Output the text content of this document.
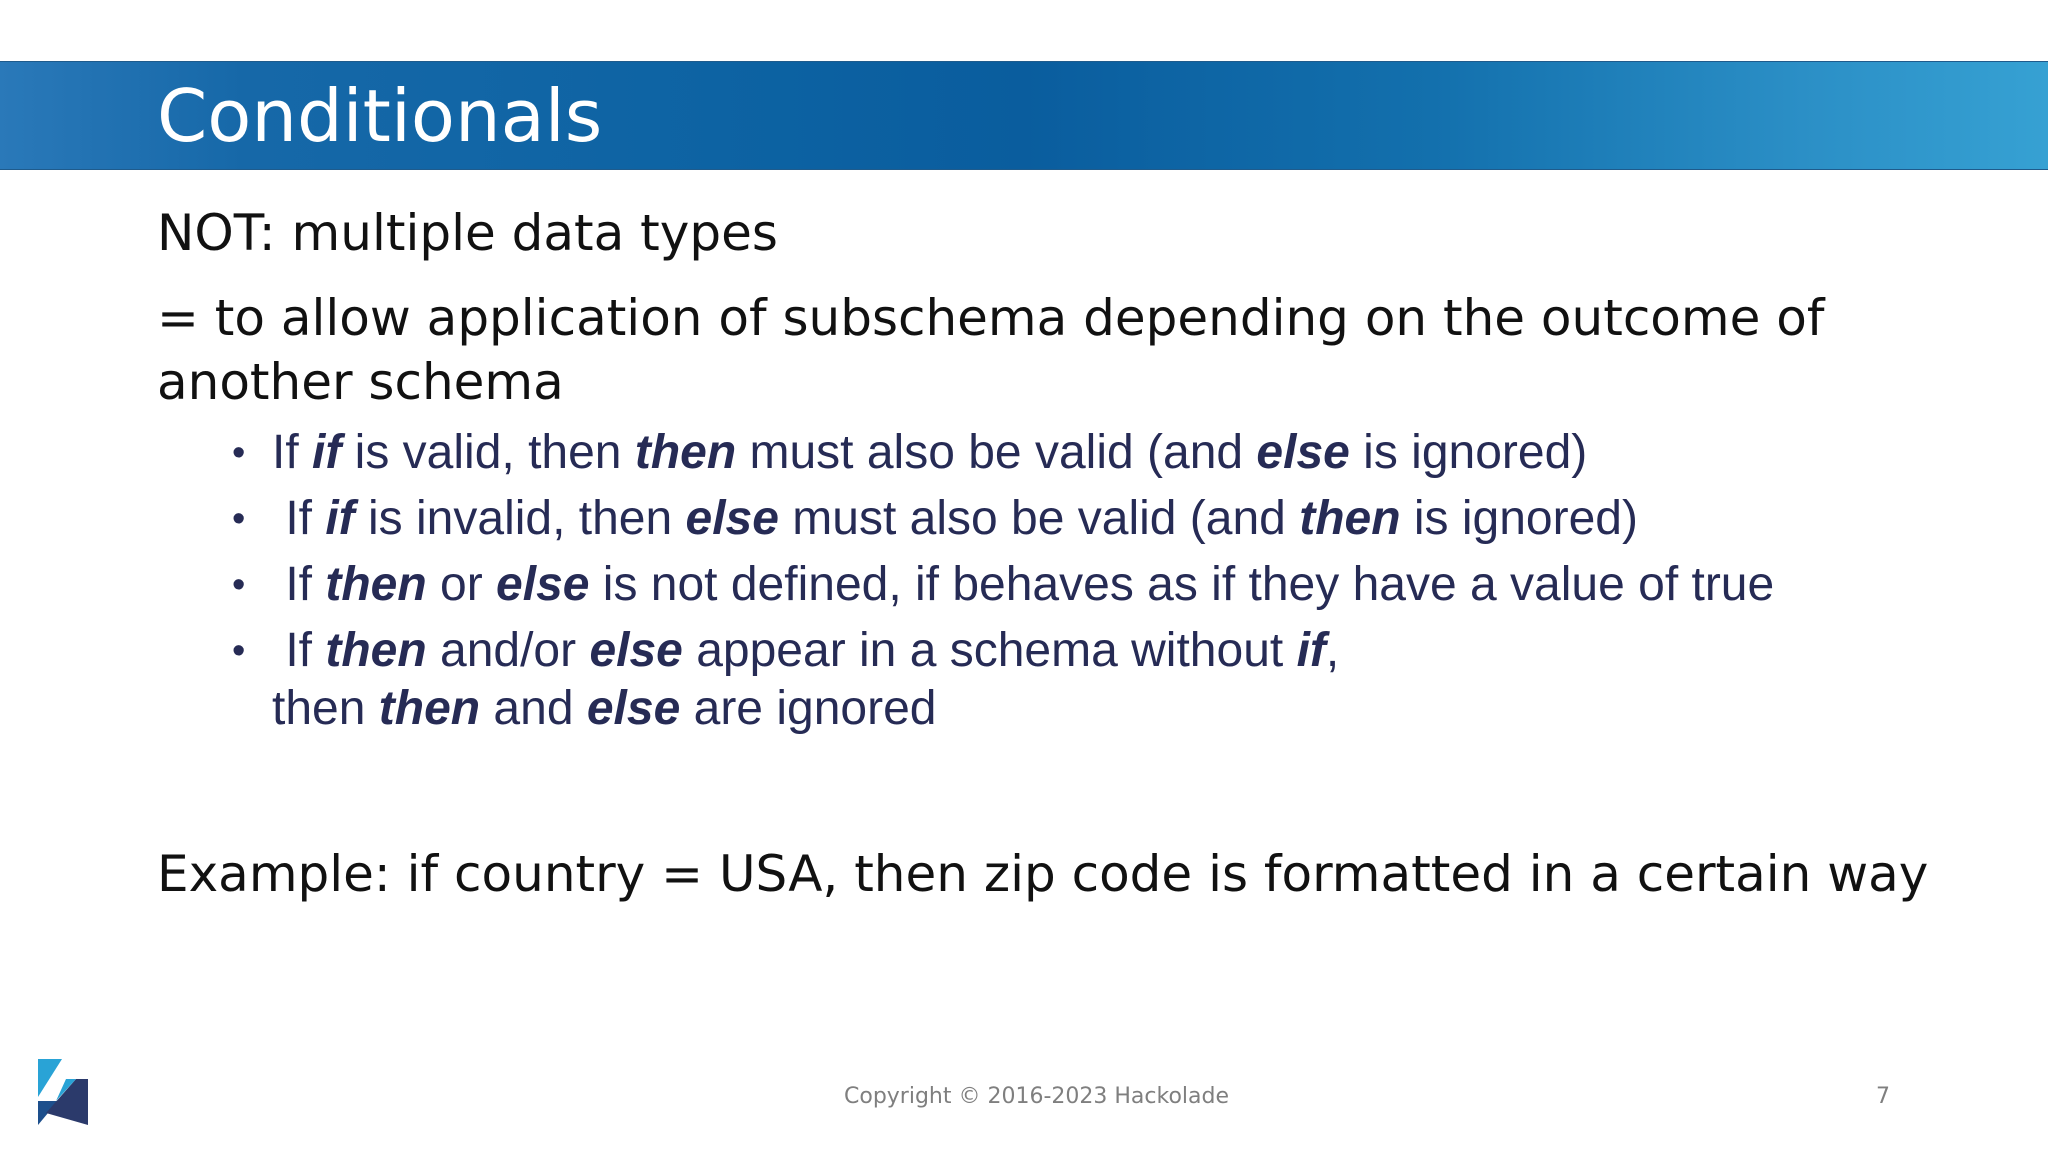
Conditionals

NOT: multiple data types

= to allow application of subschema depending on the outcome of

another schema

• If if is valid, then then must also be valid (and else is ignored)
• If if is invalid, then else must also be valid (and then is ignored)
• If then or else is not defined, if behaves as if they have a value of true
• If then and/or else appear in a schema without if,
then then and else are ignored

Example: if country = USA, then zip code is formatted in a certain way

Copyright © 2016-2023 Hackolade	7
